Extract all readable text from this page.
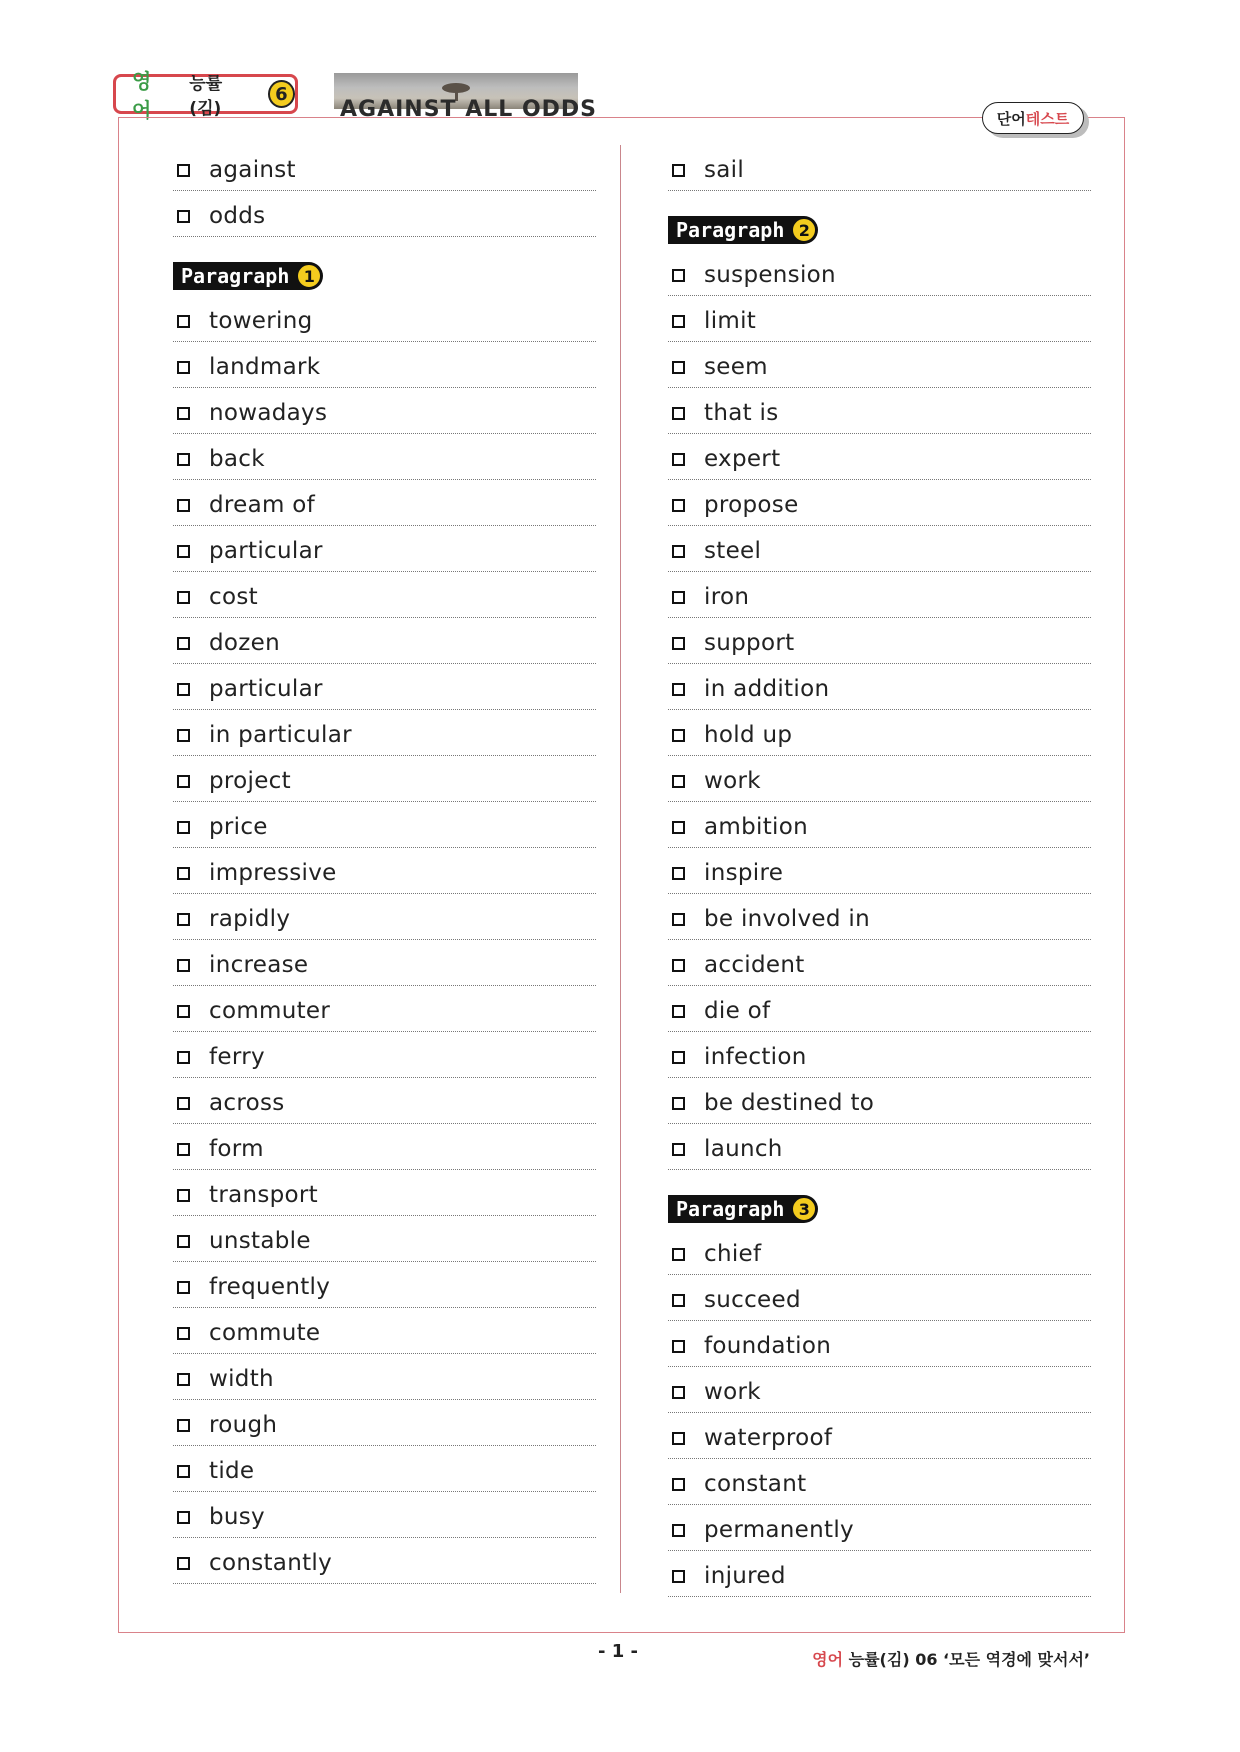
영어
능률(김)
6
AGAINST ALL ODDS	단어 테스트
against
odds
Paragraph 1
towering
landmark
nowadays
back
dream of
particular
cost
dozen
particular
in particular
project
price
impressive
rapidly
increase
commuter
ferry
across
form
transport
unstable
frequently
commute
width
rough
tide
busy
constantly
sail
Paragraph 2
suspension
limit
seem
that is
expert
propose
steel
iron
support
in addition
hold up
work
ambition
inspire
be involved in
accident
die of
infection
be destined to
launch
Paragraph 3
chief
succeed
foundation
work
waterproof
constant
permanently
injured
- 1 -	영어 능률(김) 06 ‘모든 역경에 맞서서’
